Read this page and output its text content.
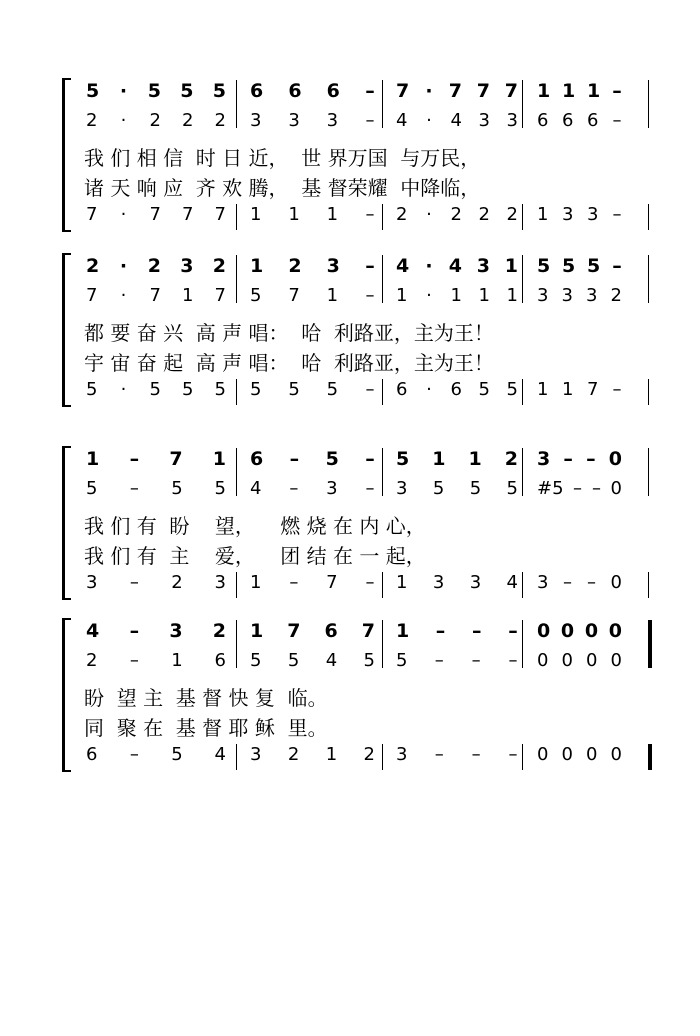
5 · 5 5 5 6 6 6 – 7 · 7 7 7 1 1 1 –
2 · 2 2 2 3 3 3 – 4 · 4 3 3 6 6 6 –
7 · 7 7 7 1 1 1 – 2 · 2 2 2 1 3 3 –
我 们 相 信  时 日 近，  世 界万国  与万民，
诸 天 响 应  齐 欢 腾，  基 督荣耀  中降临，
2 · 2 3 2 1 2 3 – 4 · 4 3 1 5 5 5 –
7 · 7 1 7 5 7 1 – 1 · 1 1 1 3 3 3 2
5 · 5 5 5 5 5 5 – 6 · 6 5 5 1 1 7 –
都 要 奋 兴  高 声 唱：  哈  利路亚，主为王！
宇 宙 奋 起  高 声 唱：  哈  利路亚，主为王！
1 – 7 1 6 – 5 – 5 1 1 2 3 – – 0
5 – 5 5 4 – 3 – 3 5 5 5 #5 – – 0
3 – 2 3 1 – 7 – 1 3 3 4 3 – – 0
我 们 有  盼    望，    燃 烧 在 内 心，
我 们 有  主    爱，    团 结 在 一 起，
4 – 3 2 1 7 6 7 1 – – – 0 0 0 0
2 – 1 6 5 5 4 5 5 – – – 0 0 0 0
6 – 5 4 3 2 1 2 3 – – – 0 0 0 0
盼  望 主  基 督 快 复  临。
同  聚 在  基 督 耶 稣  里。
